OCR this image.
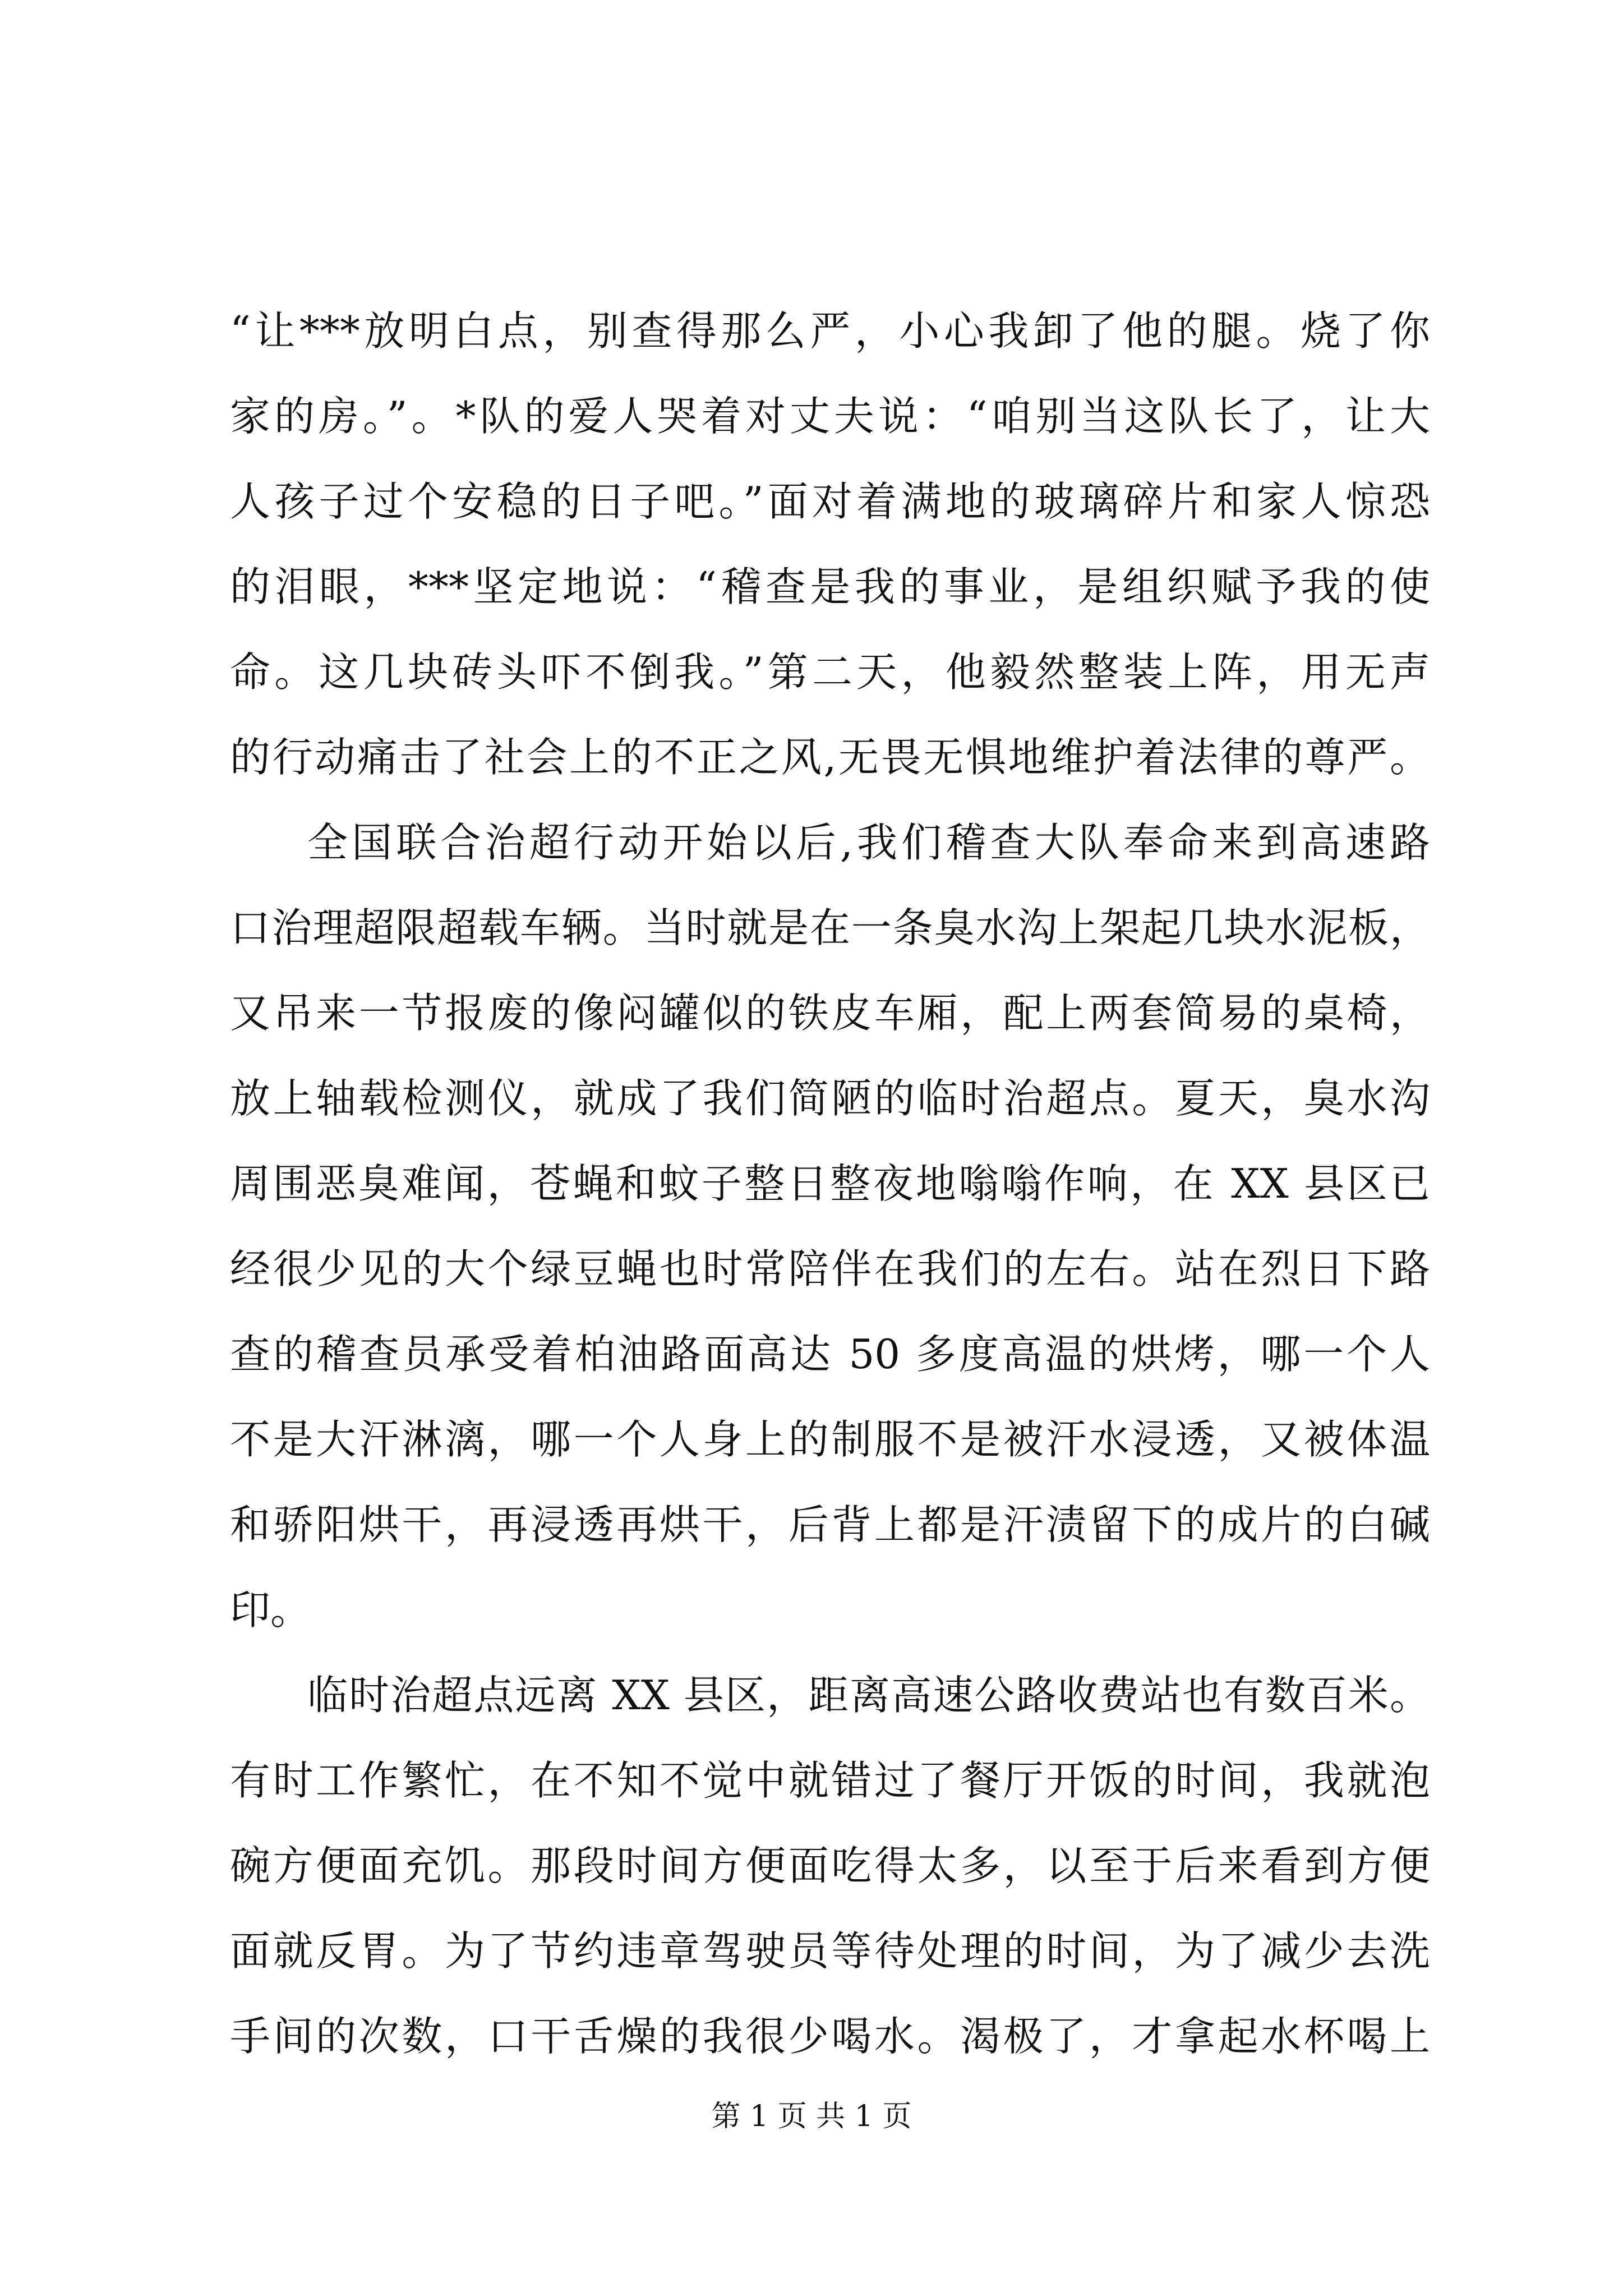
“让***放明白点，别查得那么严，小心我卸了他的腿。烧了你
家的房。”。*队的爱人哭着对丈夫说：“咱别当这队长了，让大
人孩子过个安稳的日子吧。”面对着满地的玻璃碎片和家人惊恐
的泪眼，***坚定地说：“稽查是我的事业，是组织赋予我的使
命。这几块砖头吓不倒我。”第二天，他毅然整装上阵，用无声
的行动痛击了社会上的不正之风,无畏无惧地维护着法律的尊严。
全国联合治超行动开始以后,我们稽查大队奉命来到高速路
口治理超限超载车辆。当时就是在一条臭水沟上架起几块水泥板，
又吊来一节报废的像闷罐似的铁皮车厢，配上两套简易的桌椅，
放上轴载检测仪，就成了我们简陋的临时治超点。夏天，臭水沟
周围恶臭难闻，苍蝇和蚊子整日整夜地嗡嗡作响，在 XX 县区已
经很少见的大个绿豆蝇也时常陪伴在我们的左右。站在烈日下路
查的稽查员承受着柏油路面高达 50 多度高温的烘烤，哪一个人
不是大汗淋漓，哪一个人身上的制服不是被汗水浸透，又被体温
和骄阳烘干，再浸透再烘干，后背上都是汗渍留下的成片的白碱
印。
临时治超点远离 XX 县区，距离高速公路收费站也有数百米。
有时工作繁忙，在不知不觉中就错过了餐厅开饭的时间，我就泡
碗方便面充饥。那段时间方便面吃得太多，以至于后来看到方便
面就反胃。为了节约违章驾驶员等待处理的时间，为了减少去洗
手间的次数，口干舌燥的我很少喝水。渴极了，才拿起水杯喝上
第 1 页 共 1 页
